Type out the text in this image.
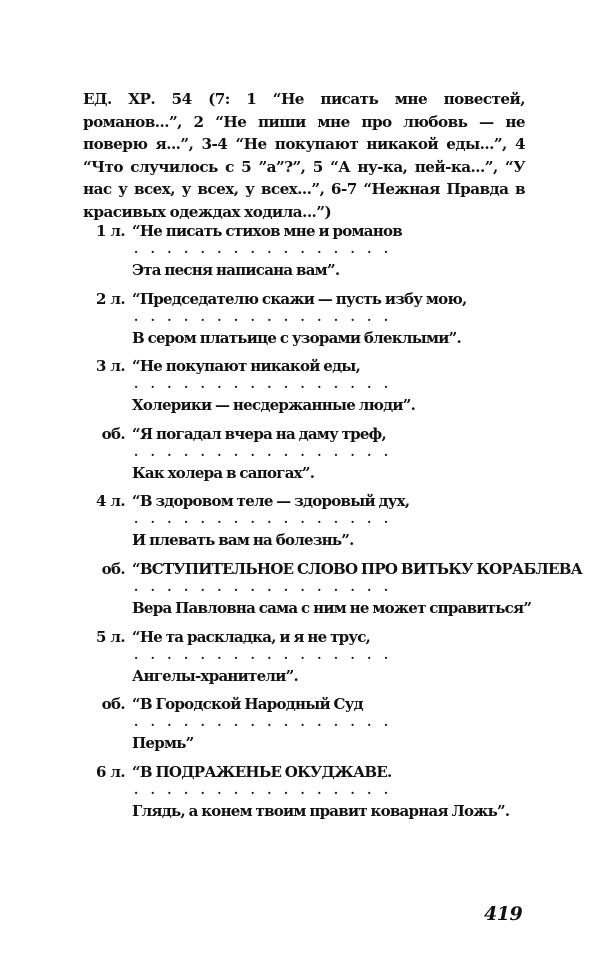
ЕД. ХР. 54 (7: 1 “Не писать мне повестей, романов...”, 2 “Не пиши мне про любовь — не поверю я...”, 3-4 “Не покупают никакой еды...”, 4 “Что случилось с 5 ”а”?”, 5 “А ну-ка, пей-ка...”, “У нас у всех, у всех, у всех...”, 6-7 “Нежная Правда в красивых одеждах ходила...”)
1 л. “Не писать стихов мне и романов
. . . . . . . . . . . . . . . .
Эта песня написана вам”.
2 л. “Председателю скажи — пусть избу мою,
. . . . . . . . . . . . . . . .
В сером платьице с узорами блеклыми”.
3 л. “Не покупают никакой еды,
. . . . . . . . . . . . . . . .
Холерики — несдержанные люди”.
об. “Я погадал вчера на даму треф,
. . . . . . . . . . . . . . . .
Как холера в сапогах”.
4 л. “В здоровом теле — здоровый дух,
. . . . . . . . . . . . . . . .
И плевать вам на болезнь”.
об. “ВСТУПИТЕЛЬНОЕ СЛОВО ПРО ВИТЬКУ КОРАБЛЕВА
. . . . . . . . . . . . . . . .
Вера Павловна сама с ним не может справиться”
5 л. “Не та раскладка, и я не трус,
. . . . . . . . . . . . . . . .
Ангелы-хранители”.
об. “В Городской Народный Суд
. . . . . . . . . . . . . . . .
Пермь”
6 л. “В ПОДРАЖЕНЬЕ ОКУДЖАВЕ.
. . . . . . . . . . . . . . . .
Глядь, а конем твоим правит коварная Ложь”.
419
